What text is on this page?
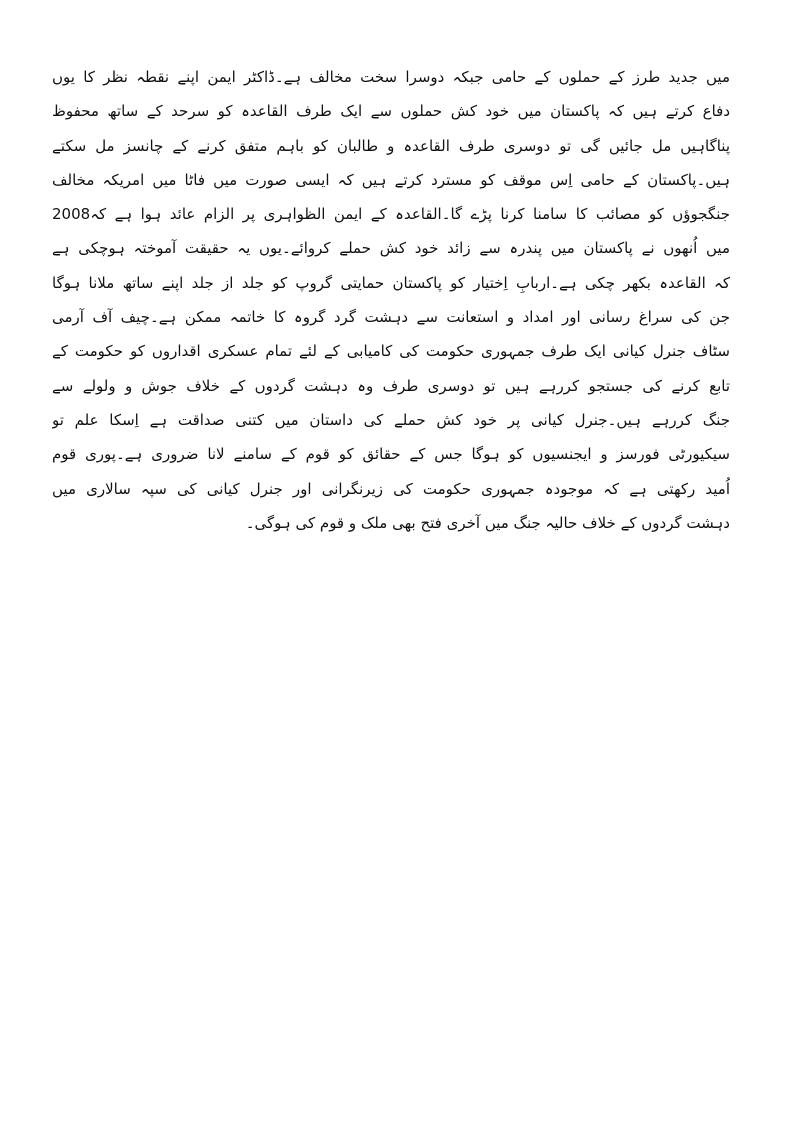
میں جدید طرز کے حملوں کے حامی جبکہ دوسرا سخت مخالف ہے۔ڈاکٹر ایمن اپنے نقطہ نظر کا یوں
دفاع کرتے ہیں کہ پاکستان میں خود کش حملوں سے ایک طرف القاعدہ کو سرحد کے ساتھ محفوظ
پناگاہیں مل جائیں گی تو دوسری طرف القاعدہ و طالبان کو باہم متفق کرنے کے چانسز مل سکتے
ہیں۔پاکستان کے حامی اِس موقف کو مسترد کرتے ہیں کہ ایسی صورت میں فاٹا میں امریکہ مخالف
جنگجوؤں کو مصائب کا سامنا کرنا پڑے گا۔القاعدہ کے ایمن الظواہری پر الزام عائد ہوا ہے کہ2008
میں اُنھوں نے پاکستان میں پندرہ سے زائد خود کش حملے کروائے۔یوں یہ حقیقت آموختہ ہوچکی ہے
کہ القاعدہ بکھر چکی ہے۔اربابِ اِختیار کو پاکستان حمایتی گروپ کو جلد از جلد اپنے ساتھ ملانا ہوگا
جن کی سراغ رسانی اور امداد و استعانت سے دہشت گرد گروہ کا خاتمہ ممکن ہے۔چیف آف آرمی
سٹاف جنرل کیانی ایک طرف جمہوری حکومت کی کامیابی کے لئے تمام عسکری اقداروں کو حکومت کے
تابع کرنے کی جستجو کررہے ہیں تو دوسری طرف وہ دہشت گردوں کے خلاف جوش و ولولے سے
جنگ کررہے ہیں۔جنرل کیانی پر خود کش حملے کی داستان میں کتنی صداقت ہے اِسکا علم تو
سیکیورٹی فورسز و ایجنسیوں کو ہوگا جس کے حقائق کو قوم کے سامنے لانا ضروری ہے۔پوری قوم
اُمید رکھتی ہے کہ موجودہ جمہوری حکومت کی زیرنگرانی اور جنرل کیانی کی سپہ سالاری میں
دہشت گردوں کے خلاف حالیہ جنگ میں آخری فتح بھی ملک و قوم کی ہوگی۔
